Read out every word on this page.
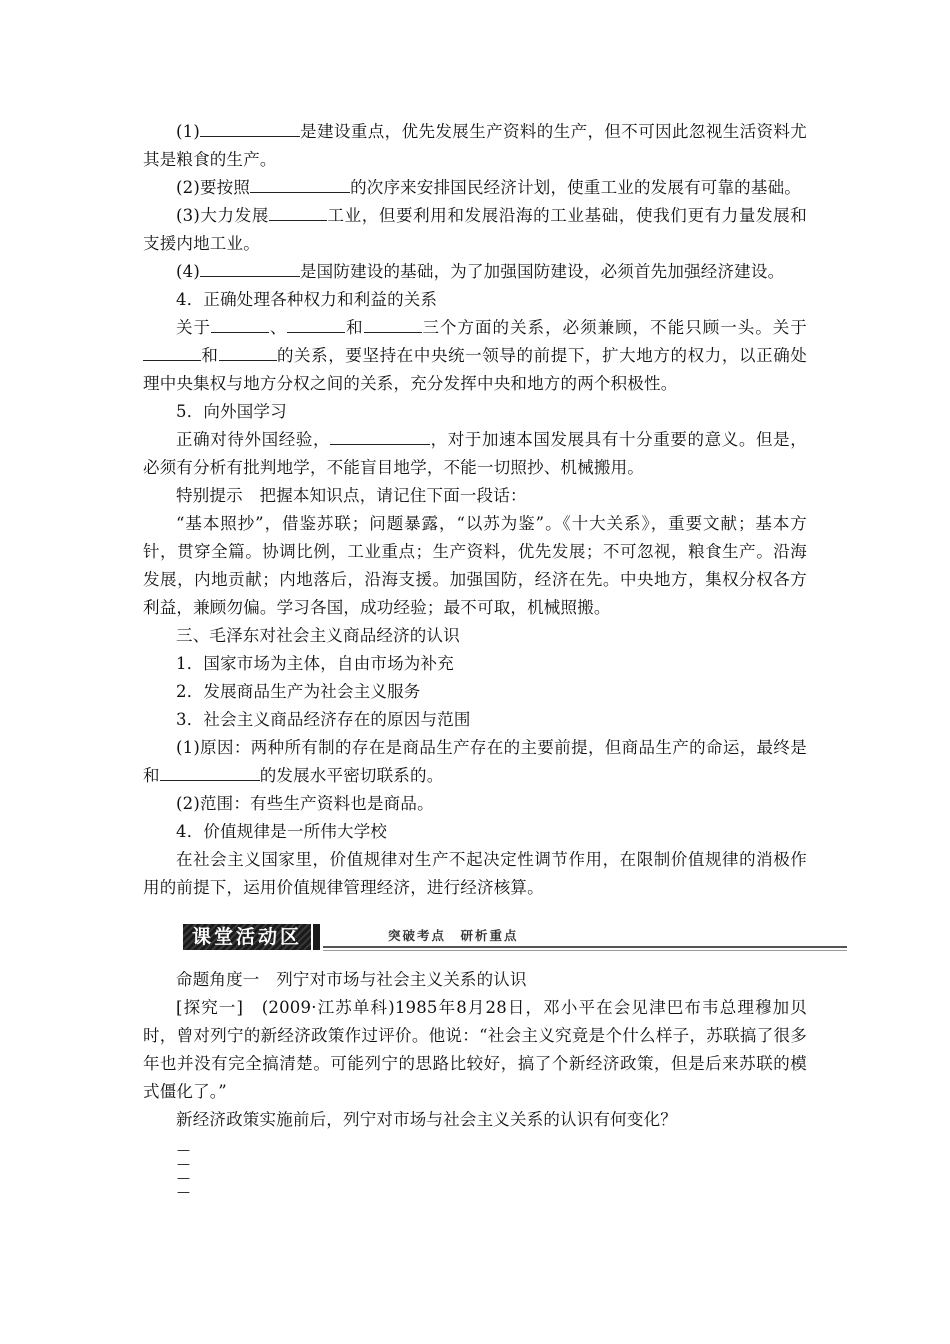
(1)	是建设重点，优先发展生产资料的生产，但不可因此忽视生活资料尤其是粮食的生产。

(2)要按照	的次序来安排国民经济计划，使重工业的发展有可靠的基础。

(3)大力发展	工业，但要利用和发展沿海的工业基础，使我们更有力量发展和支援内地工业。

(4)	是国防建设的基础，为了加强国防建设，必须首先加强经济建设。

4．正确处理各种权力和利益的关系

关于	、	和	三个方面的关系，必须兼顾，不能只顾一头。关于和	的关系，要坚持在中央统一领导的前提下，扩大地方的权力，以正确处理中央集权与地方分权之间的关系，充分发挥中央和地方的两个积极性。

5．向外国学习

正确对待外国经验，	，对于加速本国发展具有十分重要的意义。但是，必须有分析有批判地学，不能盲目地学，不能一切照抄、机械搬用。

特别提示　把握本知识点，请记住下面一段话：

“基本照抄”，借鉴苏联；问题暴露，“以苏为鉴”。《十大关系》，重要文献；基本方针，贯穿全篇。协调比例，工业重点；生产资料，优先发展；不可忽视，粮食生产。沿海发展，内地贡献；内地落后，沿海支援。加强国防，经济在先。中央地方，集权分权各方利益，兼顾勿偏。学习各国，成功经验；最不可取，机械照搬。

三、毛泽东对社会主义商品经济的认识

1．国家市场为主体，自由市场为补充

2．发展商品生产为社会主义服务

3．社会主义商品经济存在的原因与范围

(1)原因：两种所有制的存在是商品生产存在的主要前提，但商品生产的命运，最终是和	的发展水平密切联系的。

(2)范围：有些生产资料也是商品。

4．价值规律是一所伟大学校

在社会主义国家里，价值规律对生产不起决定性调节作用，在限制价值规律的消极作用的前提下，运用价值规律管理经济，进行经济核算。

课堂活动区	突破考点　研析重点

命题角度一　列宁对市场与社会主义关系的认识

[探究一]　(2009·江苏单科)1985年8月28日，邓小平在会见津巴布韦总理穆加贝时，曾对列宁的新经济政策作过评价。他说：“社会主义究竟是个什么样子，苏联搞了很多年也并没有完全搞清楚。可能列宁的思路比较好，搞了个新经济政策，但是后来苏联的模式僵化了。”

新经济政策实施前后，列宁对市场与社会主义关系的认识有何变化？

—
—
—
—
